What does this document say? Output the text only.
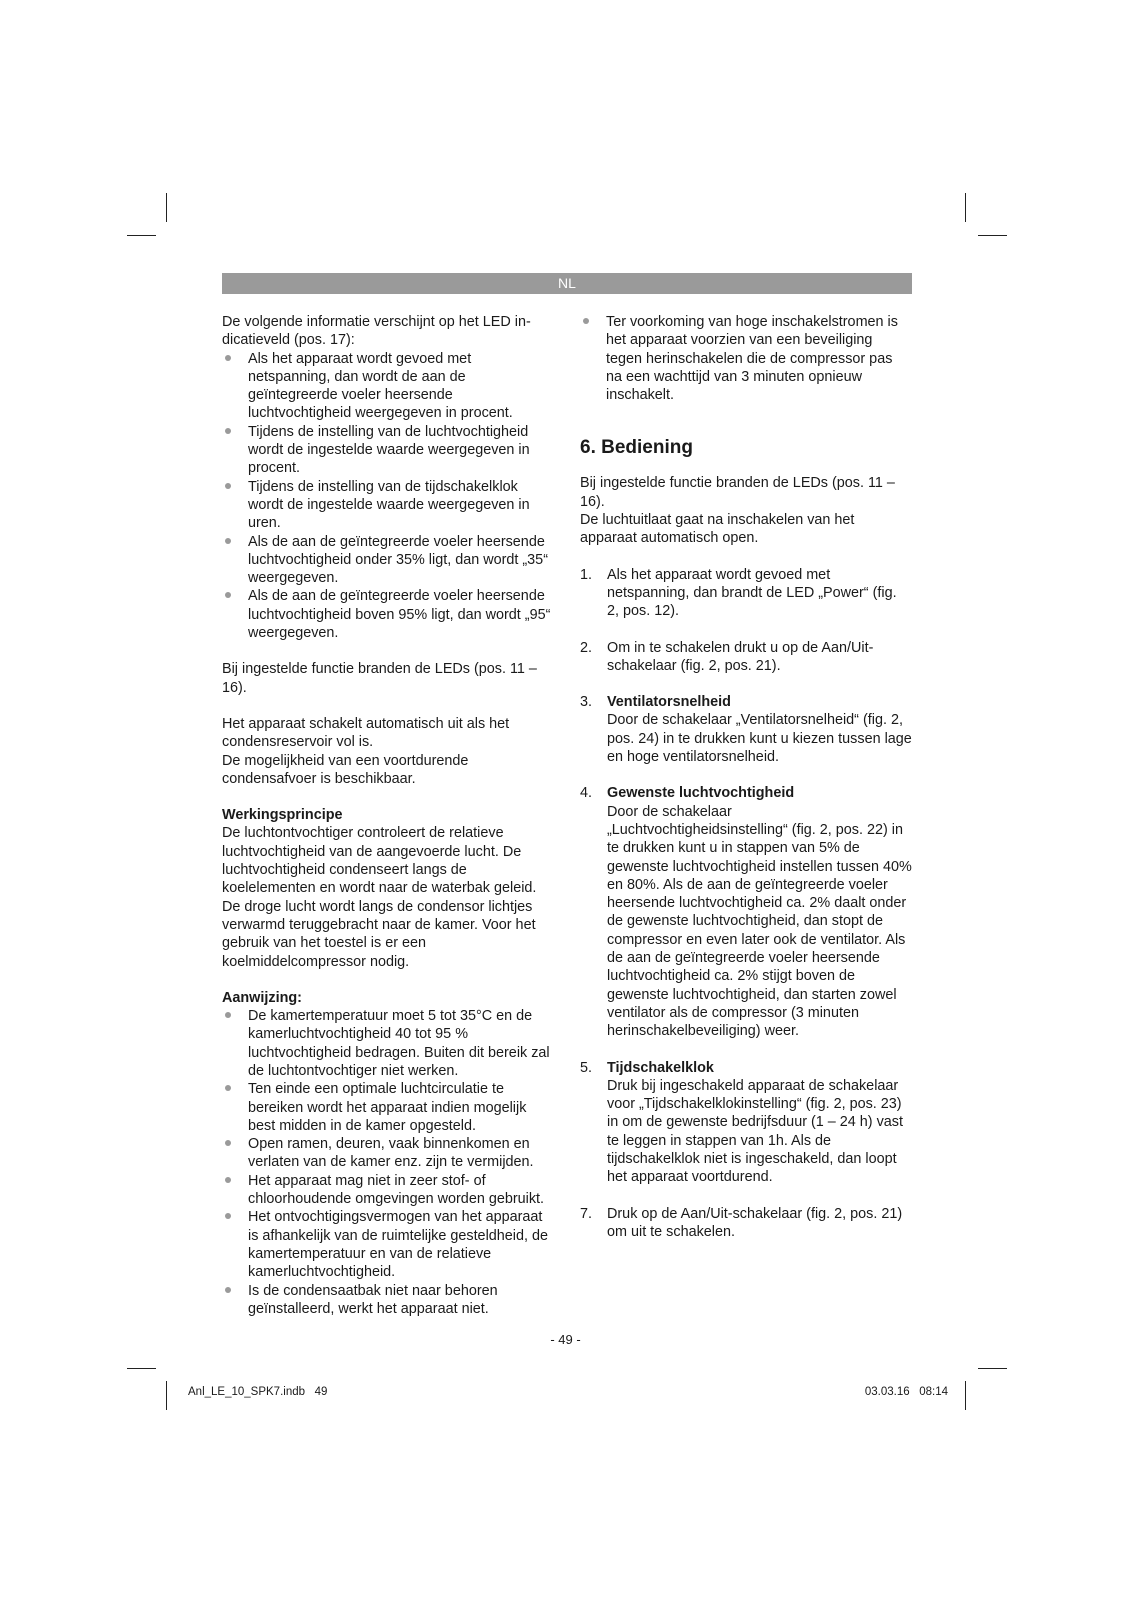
NL

De volgende informatie verschijnt op het LED in-dicatieveld (pos. 17):

Als het apparaat wordt gevoed met netspanning, dan wordt de aan de geïntegreerde voeler heersende luchtvochtigheid weergegeven in procent.
Tijdens de instelling van de luchtvochtigheid wordt de ingestelde waarde weergegeven in procent.
Tijdens de instelling van de tijdschakelklok wordt de ingestelde waarde weergegeven in uren.
Als de aan de geïntegreerde voeler heersende luchtvochtigheid onder 35% ligt, dan wordt „35“ weergegeven.
Als de aan de geïntegreerde voeler heersende luchtvochtigheid boven 95% ligt, dan wordt „95“ weergegeven.

Bij ingestelde functie branden de LEDs (pos. 11 – 16).

Het apparaat schakelt automatisch uit als het condensreservoir vol is.

De mogelijkheid van een voortdurende condensafvoer is beschikbaar.

Werkingsprincipe

De luchtontvochtiger controleert de relatieve luchtvochtigheid van de aangevoerde lucht. De luchtvochtigheid condenseert langs de koelelementen en wordt naar de waterbak geleid. De droge lucht wordt langs de condensor lichtjes verwarmd teruggebracht naar de kamer. Voor het gebruik van het toestel is er een koelmiddelcompressor nodig.

Aanwijzing:

De kamertemperatuur moet 5 tot 35°C en de kamerluchtvochtigheid 40 tot 95 % luchtvochtigheid bedragen. Buiten dit bereik zal de luchtontvochtiger niet werken.
Ten einde een optimale luchtcirculatie te bereiken wordt het apparaat indien mogelijk best midden in de kamer opgesteld.
Open ramen, deuren, vaak binnenkomen en verlaten van de kamer enz. zijn te vermijden.
Het apparaat mag niet in zeer stof- of chloorhoudende omgevingen worden gebruikt.
Het ontvochtigingsvermogen van het apparaat is afhankelijk van de ruimtelijke gesteldheid, de kamertemperatuur en van de relatieve kamerluchtvochtigheid.
Is de condensaatbak niet naar behoren geïnstalleerd, werkt het apparaat niet.
Ter voorkoming van hoge inschakelstromen is het apparaat voorzien van een beveiliging tegen herinschakelen die de compressor pas na een wachttijd van 3 minuten opnieuw inschakelt.
6. Bediening

Bij ingestelde functie branden de LEDs (pos. 11 – 16).

De luchtuitlaat gaat na inschakelen van het apparaat automatisch open.

1. Als het apparaat wordt gevoed met netspanning, dan brandt de LED „Power“ (fig. 2, pos. 12).
2. Om in te schakelen drukt u op de Aan/Uit-schakelaar (fig. 2, pos. 21).
3. Ventilatorsnelheid
Door de schakelaar „Ventilatorsnelheid“ (fig. 2, pos. 24) in te drukken kunt u kiezen tussen lage en hoge ventilatorsnelheid.
4. Gewenste luchtvochtigheid
Door de schakelaar „Luchtvochtigheidsinstelling“ (fig. 2, pos. 22) in te drukken kunt u in stappen van 5% de gewenste luchtvochtigheid instellen tussen 40% en 80%. Als de aan de geïntegreerde voeler heersende luchtvochtigheid ca. 2% daalt onder de gewenste luchtvochtigheid, dan stopt de compressor en even later ook de ventilator. Als de aan de geïntegreerde voeler heersende luchtvochtigheid ca. 2% stijgt boven de gewenste luchtvochtigheid, dan starten zowel ventilator als de compressor (3 minuten herinschakelbeveiliging) weer.
5. Tijdschakelklok
Druk bij ingeschakeld apparaat de schakelaar voor „Tijdschakelklokinstelling“ (fig. 2, pos. 23) in om de gewenste bedrijfsduur (1 – 24 h) vast te leggen in stappen van 1h. Als de tijdschakelklok niet is ingeschakeld, dan loopt het apparaat voortdurend.
7. Druk op de Aan/Uit-schakelaar (fig. 2, pos. 21) om uit te schakelen.
- 49 -
Anl_LE_10_SPK7.indb   49	03.03.16   08:14
